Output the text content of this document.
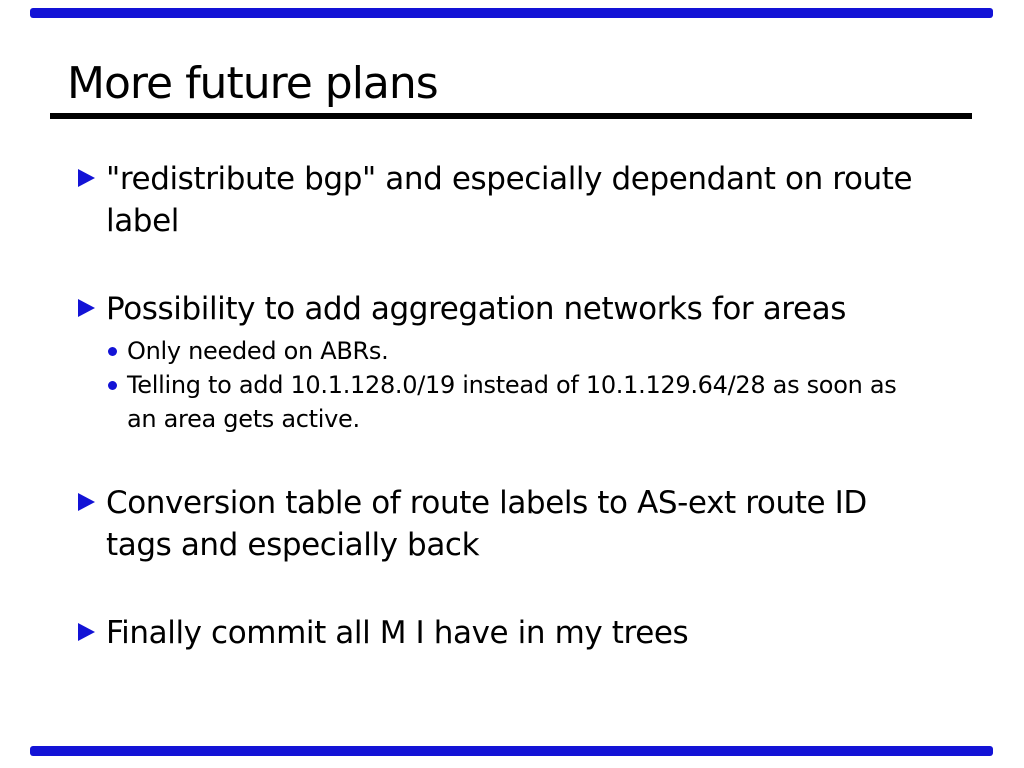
More future plans
"redistribute bgp" and especially dependant on route label
Possibility to add aggregation networks for areas
Only needed on ABRs.
Telling to add 10.1.128.0/19 instead of 10.1.129.64/28 as soon as an area gets active.
Conversion table of route labels to AS-ext route ID tags and especially back
Finally commit all M I have in my trees
